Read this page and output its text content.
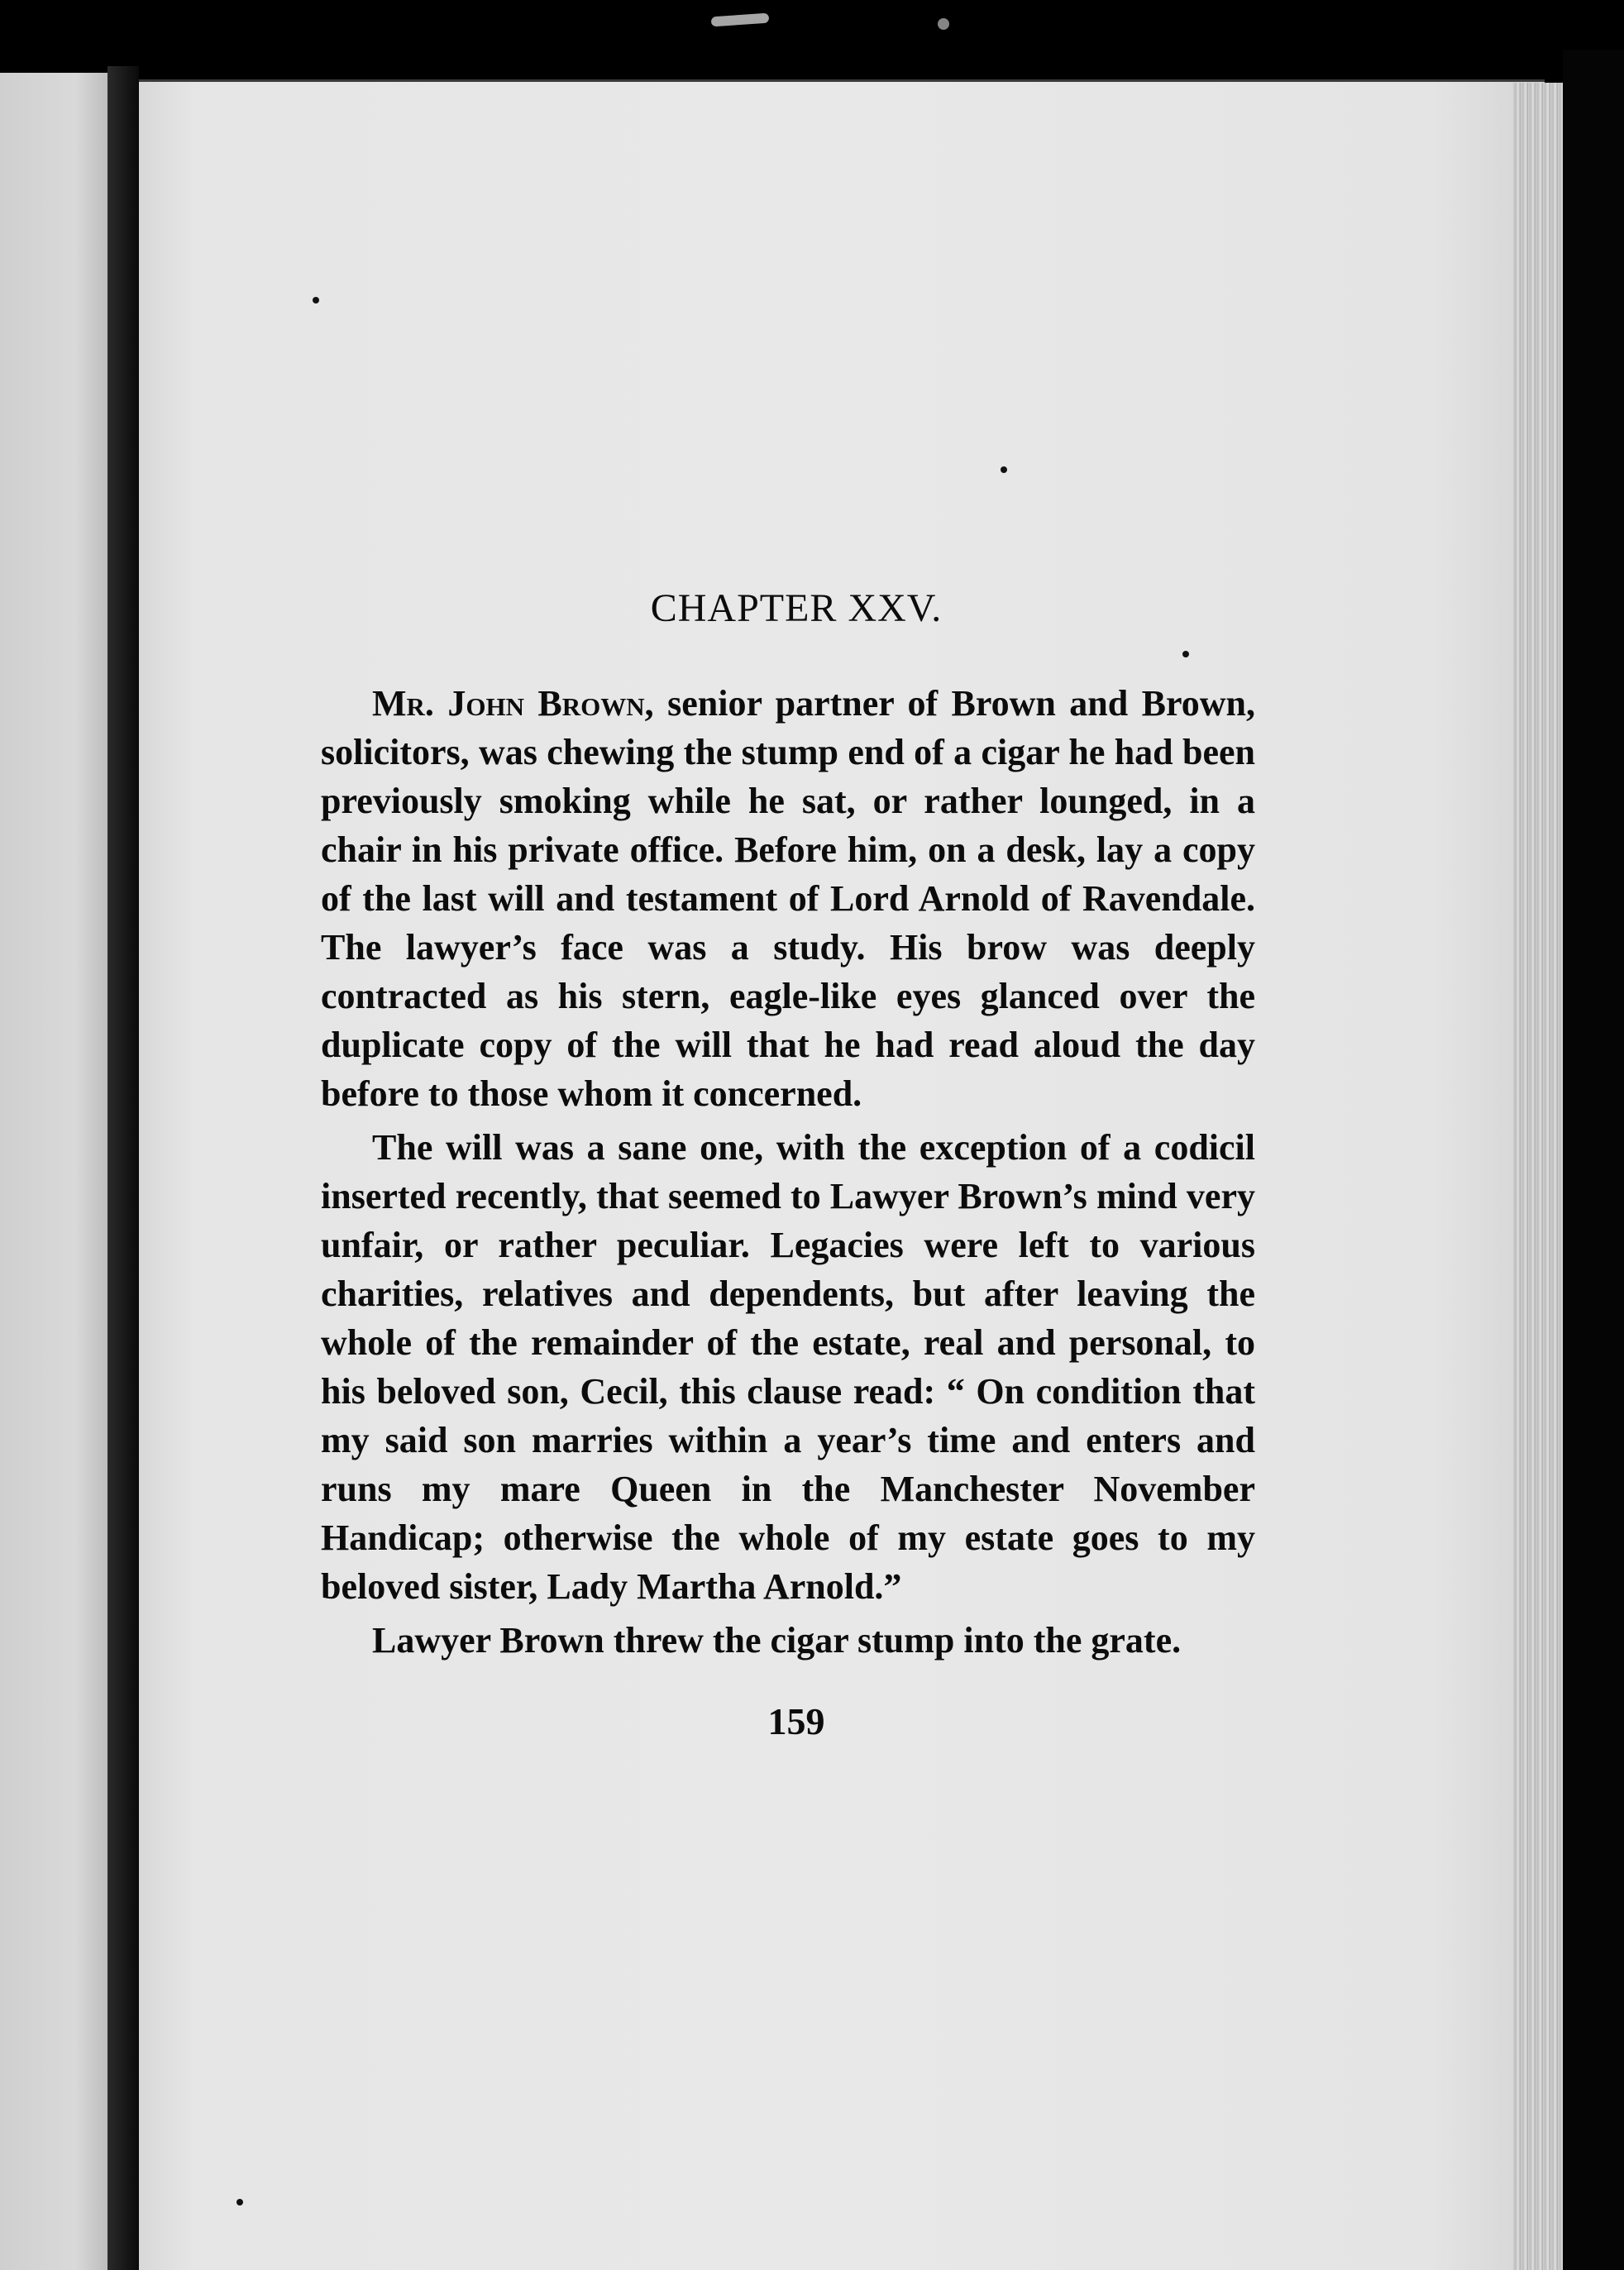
CHAPTER XXV.

Mr. John Brown, senior partner of Brown and Brown, solicitors, was chewing the stump end of a cigar he had been previously smoking while he sat, or rather lounged, in a chair in his private office. Before him, on a desk, lay a copy of the last will and testament of Lord Arnold of Ravendale. The lawyer’s face was a study. His brow was deeply contracted as his stern, eagle-like eyes glanced over the duplicate copy of the will that he had read aloud the day before to those whom it concerned.

The will was a sane one, with the exception of a codicil inserted recently, that seemed to Lawyer Brown’s mind very unfair, or rather peculiar. Legacies were left to various charities, relatives and dependents, but after leaving the whole of the remainder of the estate, real and personal, to his beloved son, Cecil, this clause read: “ On condition that my said son marries within a year’s time and enters and runs my mare Queen in the Manchester November Handicap; otherwise the whole of my estate goes to my beloved sister, Lady Martha Arnold.”

Lawyer Brown threw the cigar stump into the grate.

159
